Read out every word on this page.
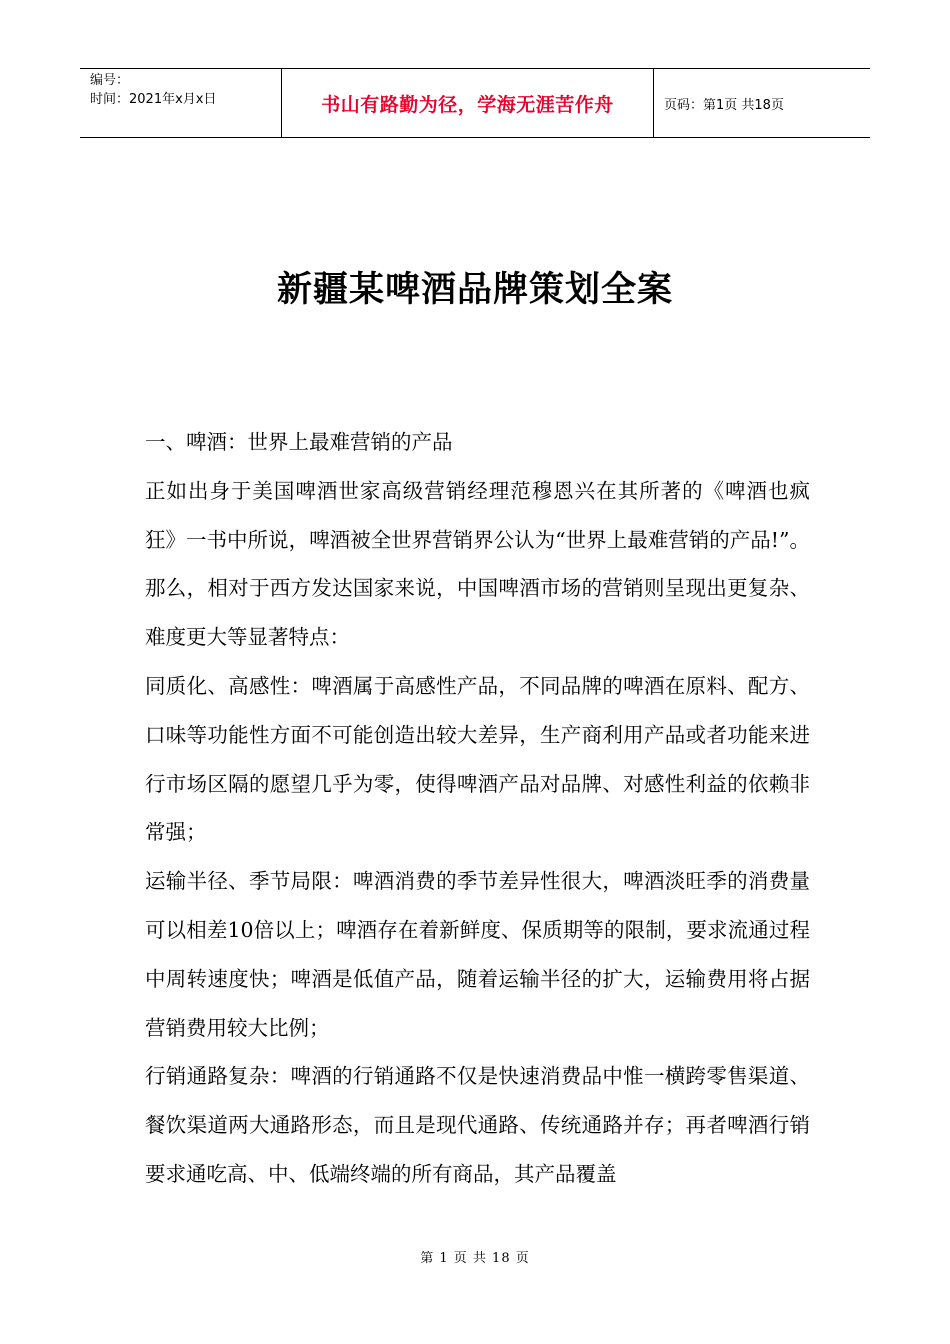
编号：
时间：2021年x月x日	书山有路勤为径，学海无涯苦作舟	页码：第1页 共18页
新疆某啤酒品牌策划全案

一、啤酒：世界上最难营销的产品

正如出身于美国啤酒世家高级营销经理范穆恩兴在其所著的《啤酒也疯狂》一书中所说，啤酒被全世界营销界公认为“世界上最难营销的产品!”。那么，相对于西方发达国家来说，中国啤酒市场的营销则呈现出更复杂、难度更大等显著特点：

同质化、高感性：啤酒属于高感性产品，不同品牌的啤酒在原料、配方、口味等功能性方面不可能创造出较大差异，生产商利用产品或者功能来进行市场区隔的愿望几乎为零，使得啤酒产品对品牌、对感性利益的依赖非常强；

运输半径、季节局限：啤酒消费的季节差异性很大，啤酒淡旺季的消费量可以相差10倍以上；啤酒存在着新鲜度、保质期等的限制，要求流通过程中周转速度快；啤酒是低值产品，随着运输半径的扩大，运输费用将占据营销费用较大比例；

行销通路复杂：啤酒的行销通路不仅是快速消费品中惟一横跨零售渠道、餐饮渠道两大通路形态，而且是现代通路、传统通路并存；再者啤酒行销要求通吃高、中、低端终端的所有商品，其产品覆盖

第 1 页 共 18 页
